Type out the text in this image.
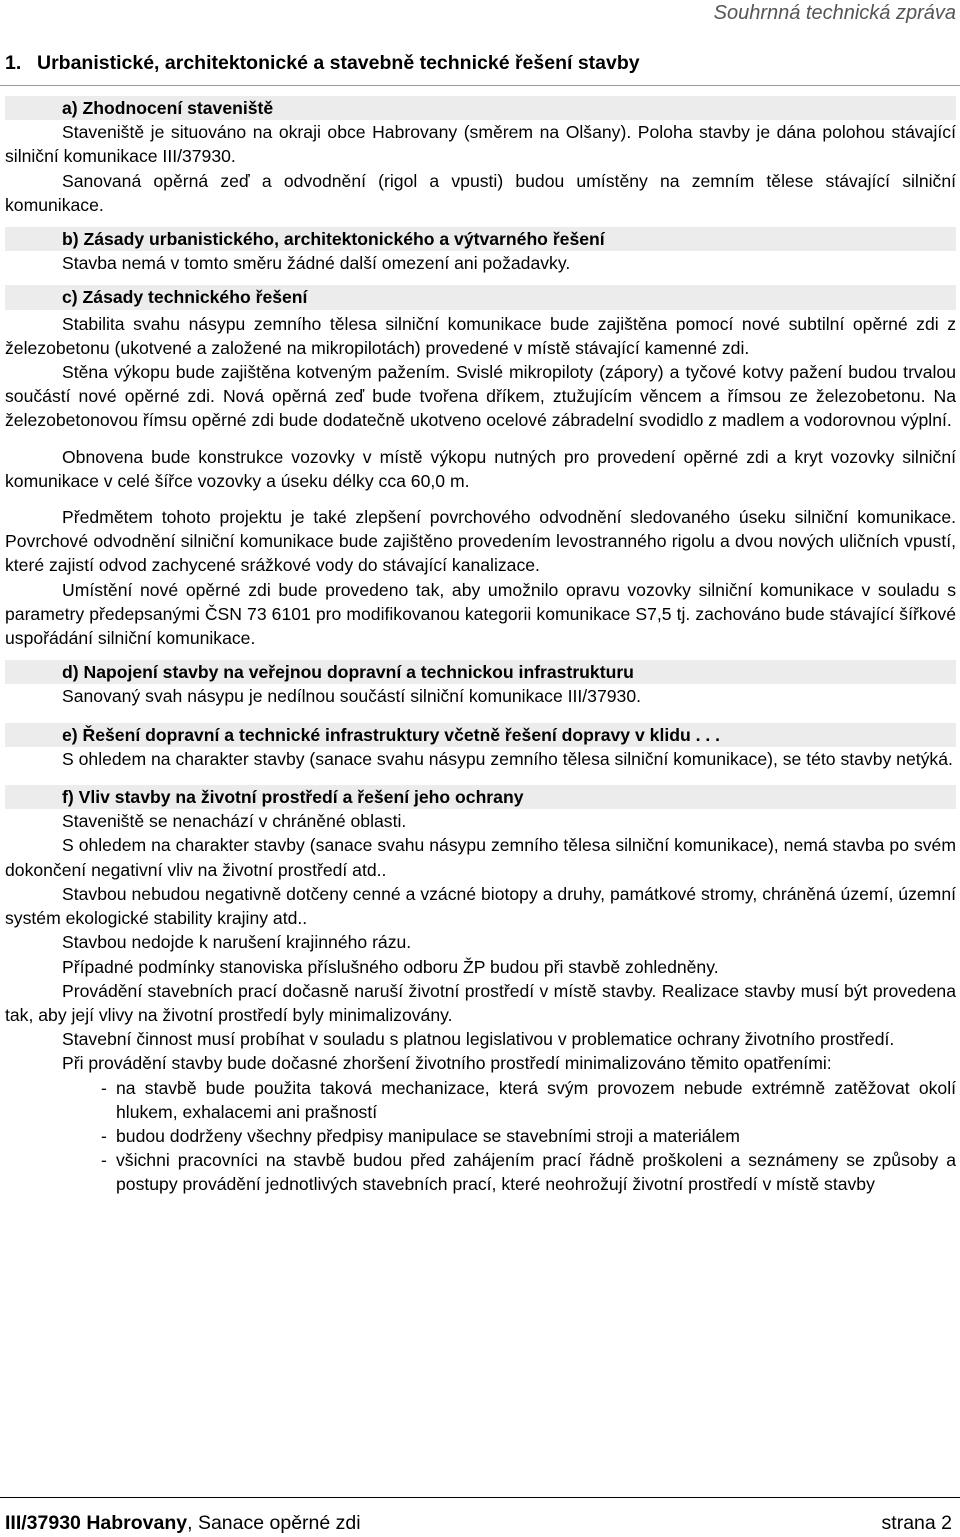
Souhrnná technická zpráva
1. Urbanistické, architektonické a stavebně technické řešení stavby

a) Zhodnocení staveniště

Staveniště je situováno na okraji obce Habrovany (směrem na Olšany). Poloha stavby je dána polohou stávající silniční komunikace III/37930.

Sanovaná opěrná zeď a odvodnění (rigol a vpusti) budou umístěny na zemním tělese stávající silniční komunikace.

b) Zásady urbanistického, architektonického a výtvarného řešení

Stavba nemá v tomto směru žádné další omezení ani požadavky.

c) Zásady technického řešení

Stabilita svahu násypu zemního tělesa silniční komunikace bude zajištěna pomocí nové subtilní opěrné zdi z železobetonu (ukotvené a založené na mikropilotách) provedené v místě stávající kamenné zdi.

Stěna výkopu bude zajištěna kotveným pažením. Svislé mikropiloty (zápory) a tyčové kotvy pažení budou trvalou součástí nové opěrné zdi. Nová opěrná zeď bude tvořena dříkem, ztužujícím věncem a římsou ze železobetonu. Na železobetonovou římsu opěrné zdi bude dodatečně ukotveno ocelové zábradelní svodidlo z madlem a vodorovnou výplní.

Obnovena bude konstrukce vozovky v místě výkopu nutných pro provedení opěrné zdi a kryt vozovky silniční komunikace v celé šířce vozovky a úseku délky cca 60,0 m.

Předmětem tohoto projektu je také zlepšení povrchového odvodnění sledovaného úseku silniční komunikace. Povrchové odvodnění silniční komunikace bude zajištěno provedením levostranného rigolu a dvou nových uličních vpustí, které zajistí odvod zachycené srážkové vody do stávající kanalizace.

Umístění nové opěrné zdi bude provedeno tak, aby umožnilo opravu vozovky silniční komunikace v souladu s parametry předepsanými ČSN 73 6101 pro modifikovanou kategorii komunikace S7,5 tj. zachováno bude stávající šířkové uspořádání silniční komunikace.

d) Napojení stavby na veřejnou dopravní a technickou infrastrukturu

Sanovaný svah násypu je nedílnou součástí silniční komunikace III/37930.

e) Řešení dopravní a technické infrastruktury včetně řešení dopravy v klidu . . .

S ohledem na charakter stavby (sanace svahu násypu zemního tělesa silniční komunikace), se této stavby netýká.

f) Vliv stavby na životní prostředí a řešení jeho ochrany

Staveniště se nenachází v chráněné oblasti.

S ohledem na charakter stavby (sanace svahu násypu zemního tělesa silniční komunikace), nemá stavba po svém dokončení negativní vliv na životní prostředí atd..

Stavbou nebudou negativně dotčeny cenné a vzácné biotopy a druhy, památkové stromy, chráněná území, územní systém ekologické stability krajiny atd..

Stavbou nedojde k narušení krajinného rázu.

Případné podmínky stanoviska příslušného odboru ŽP budou při stavbě zohledněny.

Provádění stavebních prací dočasně naruší životní prostředí v místě stavby. Realizace stavby musí být provedena tak, aby její vlivy na životní prostředí byly minimalizovány.

Stavební činnost musí probíhat v souladu s platnou legislativou v problematice ochrany životního prostředí.

Při provádění stavby bude dočasné zhoršení životního prostředí minimalizováno těmito opatřeními:

- na stavbě bude použita taková mechanizace, která svým provozem nebude extrémně zatěžovat okolí hlukem, exhalacemi ani prašností
- budou dodrženy všechny předpisy manipulace se stavebními stroji a materiálem
- všichni pracovníci na stavbě budou před zahájením prací řádně proškoleni a seznámeny se způsoby a postupy provádění jednotlivých stavebních prací, které neohrožují životní prostředí v místě stavby
III/37930 Habrovany, Sanace opěrné zdi	strana 2
